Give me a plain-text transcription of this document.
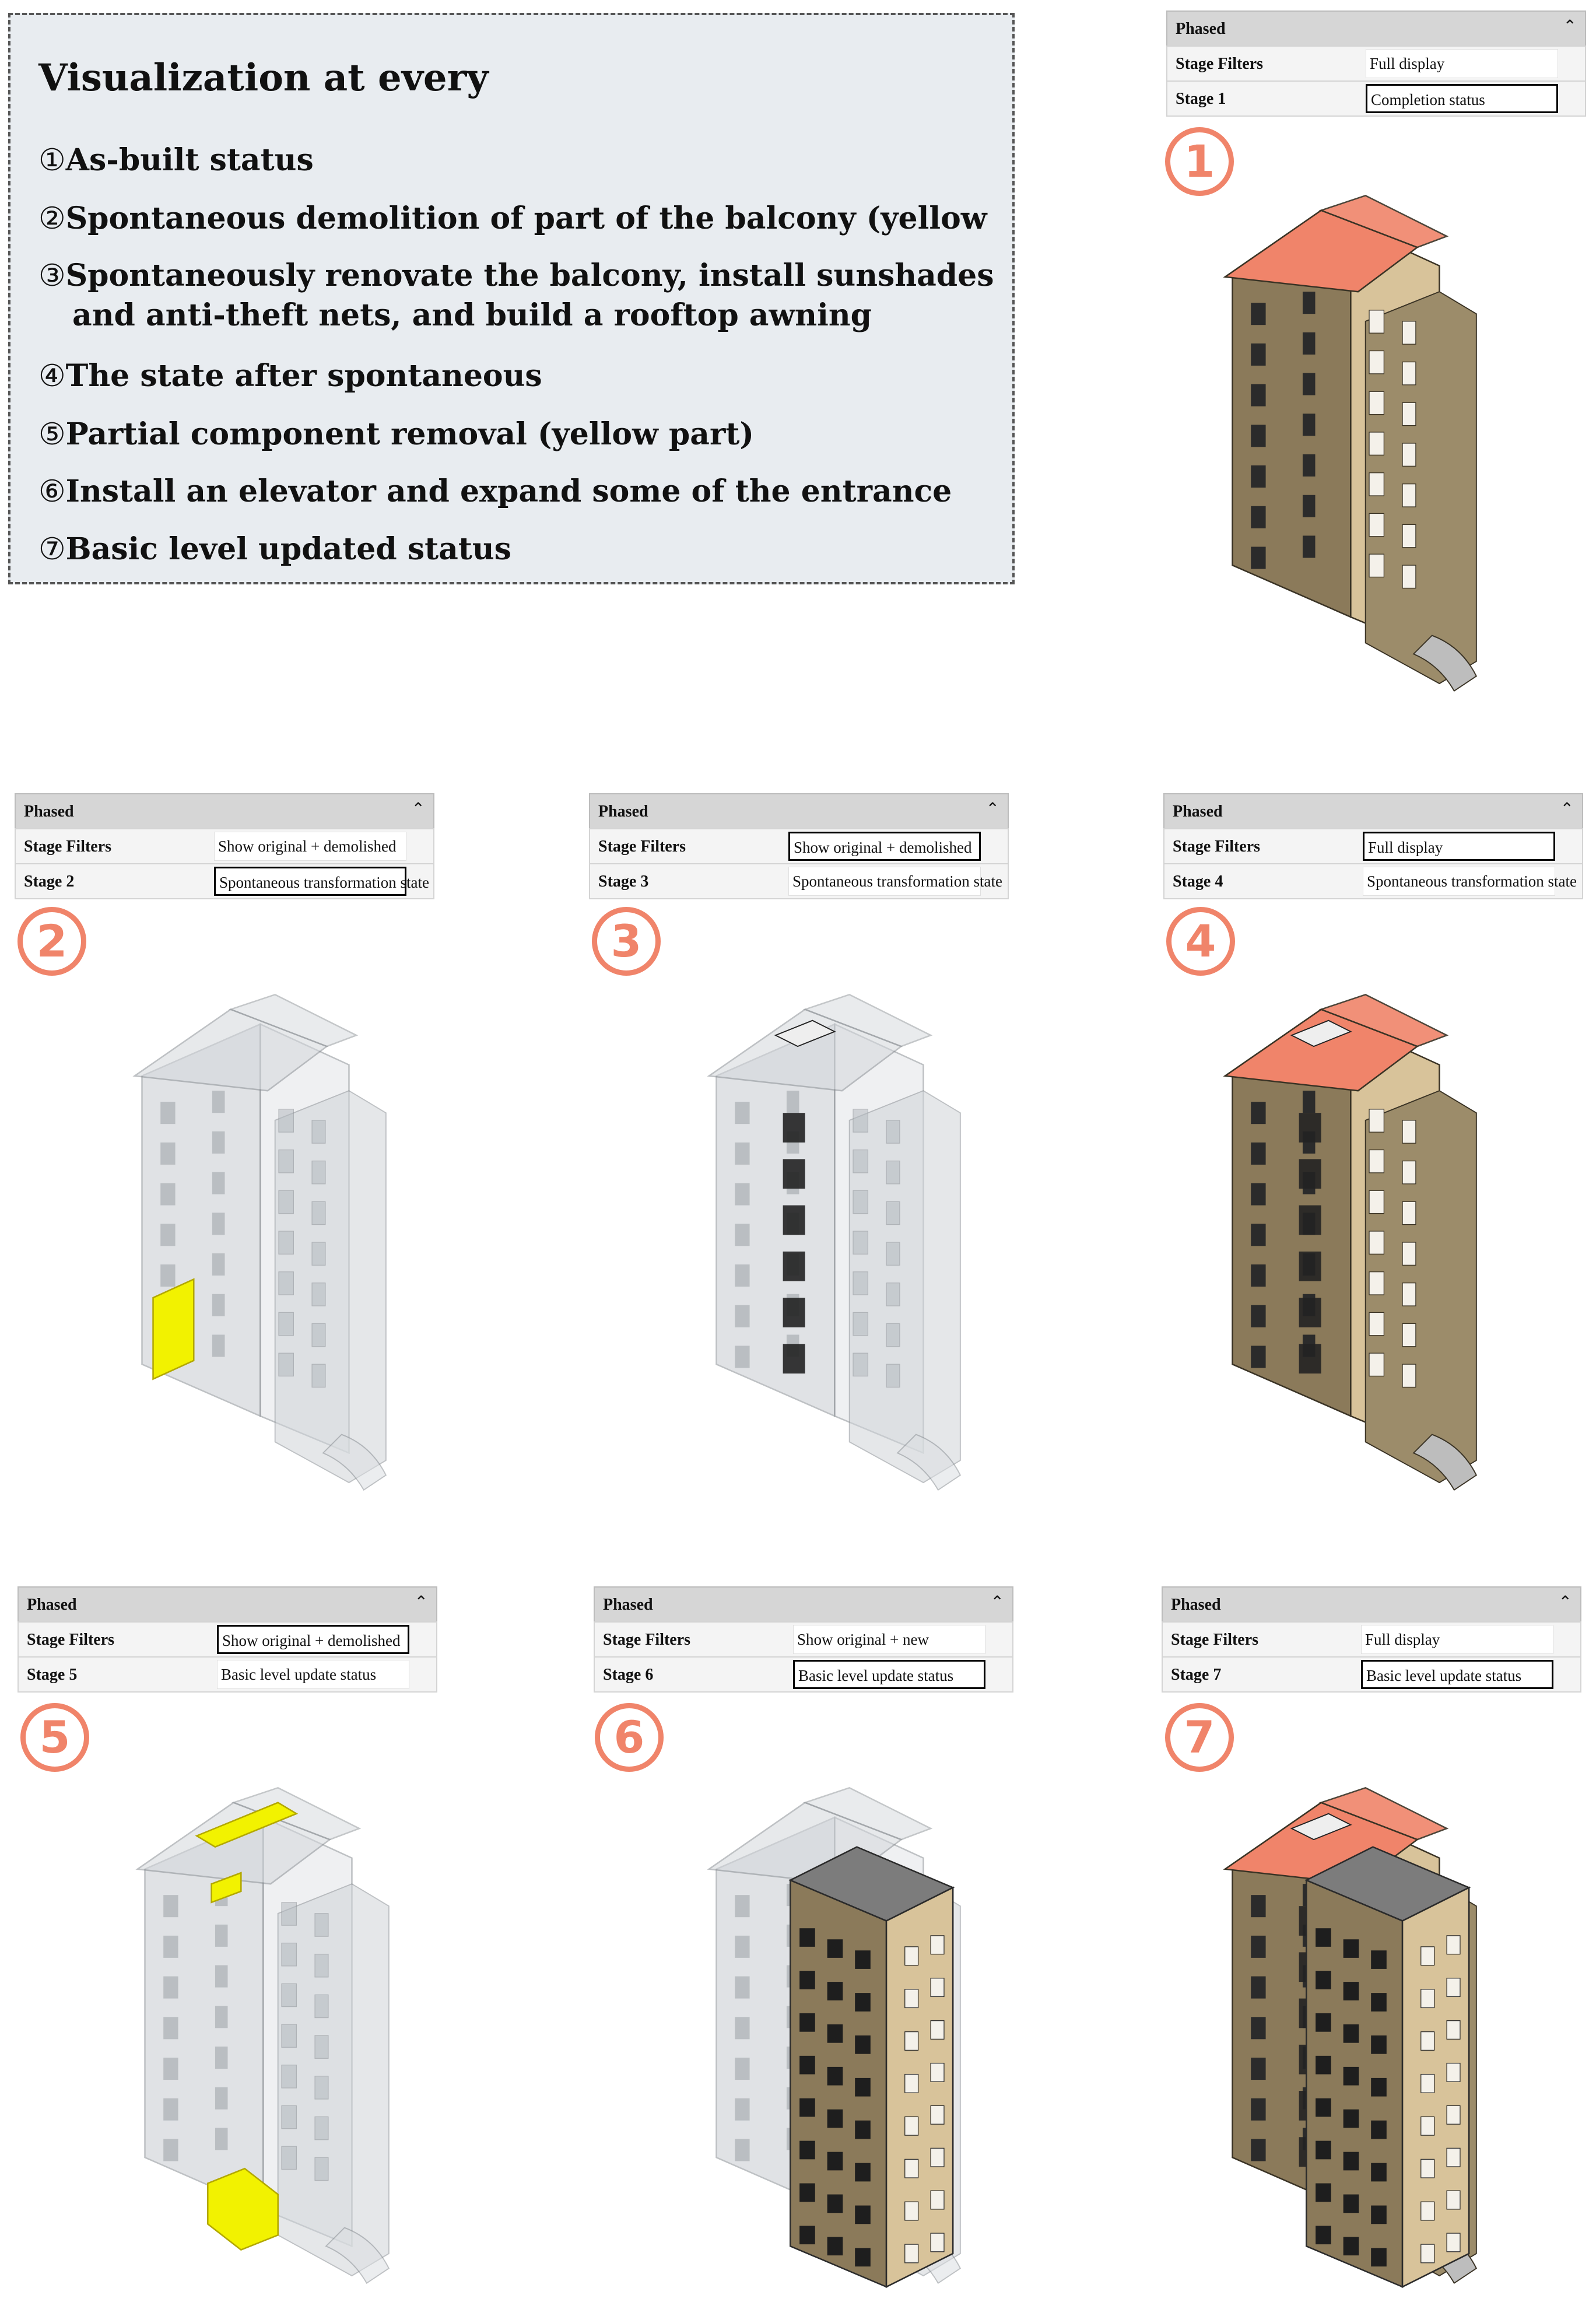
Visualization at every
①As-built status
②Spontaneous demolition of part of the balcony (yellow
③Spontaneously renovate the balcony, install sunshades and anti-theft nets, and build a rooftop awning
④The state after spontaneous
⑤Partial component removal (yellow part)
⑥Install an elevator and expand some of the entrance
⑦Basic level updated status
Phased	⌃
Stage Filters	Full display
Stage 1	Completion status
1
Phased	⌃
Stage Filters	Show original + demolished
Stage 2	Spontaneous transformation state
2
Phased	⌃
Stage Filters	Show original + demolished
Stage 3	Spontaneous transformation state
3
Phased	⌃
Stage Filters	Full display
Stage 4	Spontaneous transformation state
4
Phased	⌃
Stage Filters	Show original + demolished
Stage 5	Basic level update status
5
Phased	⌃
Stage Filters	Show original + new
Stage 6	Basic level update status
6
Phased	⌃
Stage Filters	Full display
Stage 7	Basic level update status
7
